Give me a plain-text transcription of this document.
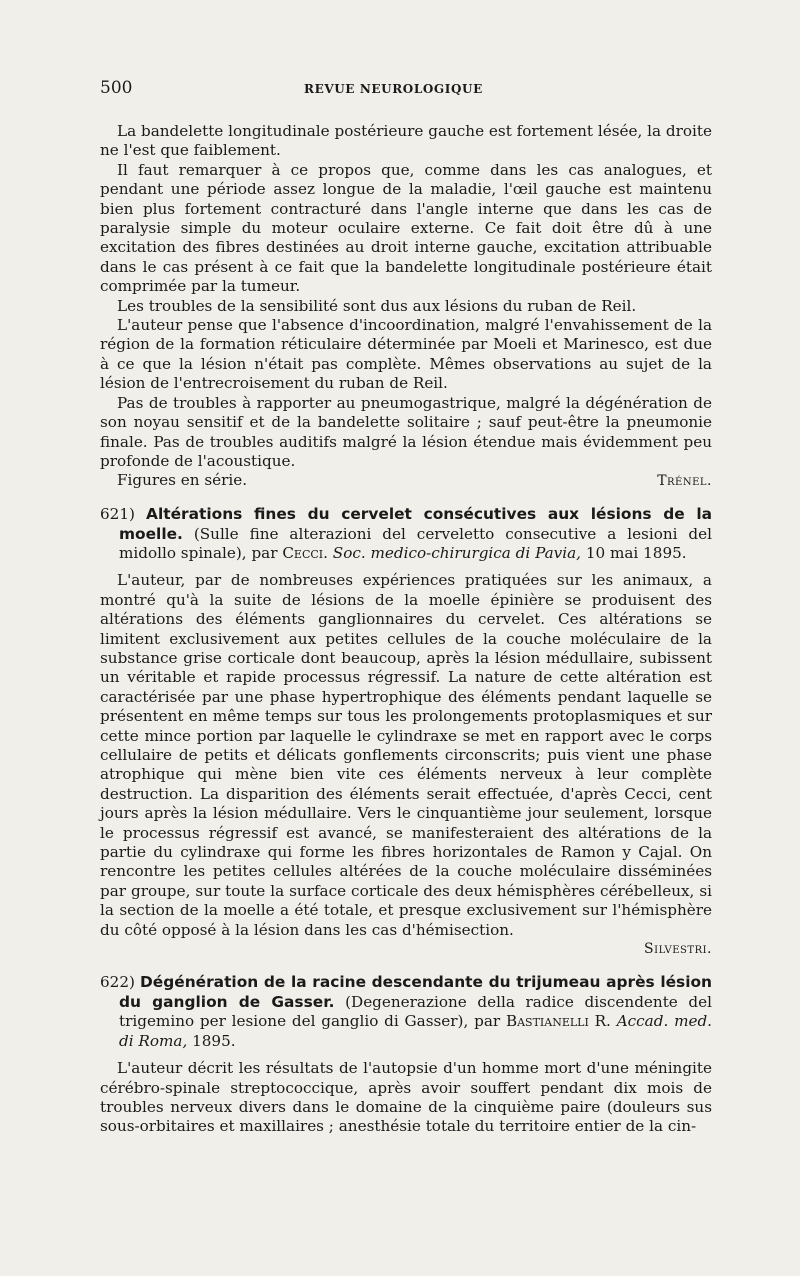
500	REVUE NEUROLOGIQUE

La bandelette longitudinale postérieure gauche est fortement lésée, la droite ne l'est que faiblement.

Il faut remarquer à ce propos que, comme dans les cas analogues, et pendant une période assez longue de la maladie, l'œil gauche est maintenu bien plus fortement contracturé dans l'angle interne que dans les cas de paralysie simple du moteur oculaire externe. Ce fait doit être dû à une excitation des fibres destinées au droit interne gauche, excitation attribuable dans le cas présent à ce fait que la bandelette longitudinale postérieure était comprimée par la tumeur.

Les troubles de la sensibilité sont dus aux lésions du ruban de Reil.

L'auteur pense que l'absence d'incoordination, malgré l'envahissement de la région de la formation réticulaire déterminée par Moeli et Marinesco, est due à ce que la lésion n'était pas complète. Mêmes observations au sujet de la lésion de l'entrecroisement du ruban de Reil.

Pas de troubles à rapporter au pneumogastrique, malgré la dégénération de son noyau sensitif et de la bandelette solitaire ; sauf peut-être la pneumonie finale. Pas de troubles auditifs malgré la lésion étendue mais évidemment peu profonde de l'acoustique.

Figures en série.	Trénel.

621) Altérations fines du cervelet consécutives aux lésions de la moelle. (Sulle fine alterazioni del cerveletto consecutive a lesioni del midollo spinale), par Cecci. Soc. medico-chirurgica di Pavia, 10 mai 1895.

L'auteur, par de nombreuses expériences pratiquées sur les animaux, a montré qu'à la suite de lésions de la moelle épinière se produisent des altérations des éléments ganglionnaires du cervelet. Ces altérations se limitent exclusivement aux petites cellules de la couche moléculaire de la substance grise corticale dont beaucoup, après la lésion médullaire, subissent un véritable et rapide processus régressif. La nature de cette altération est caractérisée par une phase hypertrophique des éléments pendant laquelle se présentent en même temps sur tous les prolongements protoplasmiques et sur cette mince portion par laquelle le cylindraxe se met en rapport avec le corps cellulaire de petits et délicats gonflements circonscrits; puis vient une phase atrophique qui mène bien vite ces éléments nerveux à leur complète destruction. La disparition des éléments serait effectuée, d'après Cecci, cent jours après la lésion médullaire. Vers le cinquantième jour seulement, lorsque le processus régressif est avancé, se manifesteraient des altérations de la partie du cylindraxe qui forme les fibres horizontales de Ramon y Cajal. On rencontre les petites cellules altérées de la couche moléculaire disséminées par groupe, sur toute la surface corticale des deux hémisphères cérébelleux, si la section de la moelle a été totale, et presque exclusivement sur l'hémisphère du côté opposé à la lésion dans les cas d'hémisection.

Silvestri.

622) Dégénération de la racine descendante du trijumeau après lésion du ganglion de Gasser. (Degenerazione della radice discendente del trigemino per lesione del ganglio di Gasser), par Bastianelli R. Accad. med. di Roma, 1895.

L'auteur décrit les résultats de l'autopsie d'un homme mort d'une méningite cérébro-spinale streptococcique, après avoir souffert pendant dix mois de troubles nerveux divers dans le domaine de la cinquième paire (douleurs sus sous-orbitaires et maxillaires ; anesthésie totale du territoire entier de la cin-
